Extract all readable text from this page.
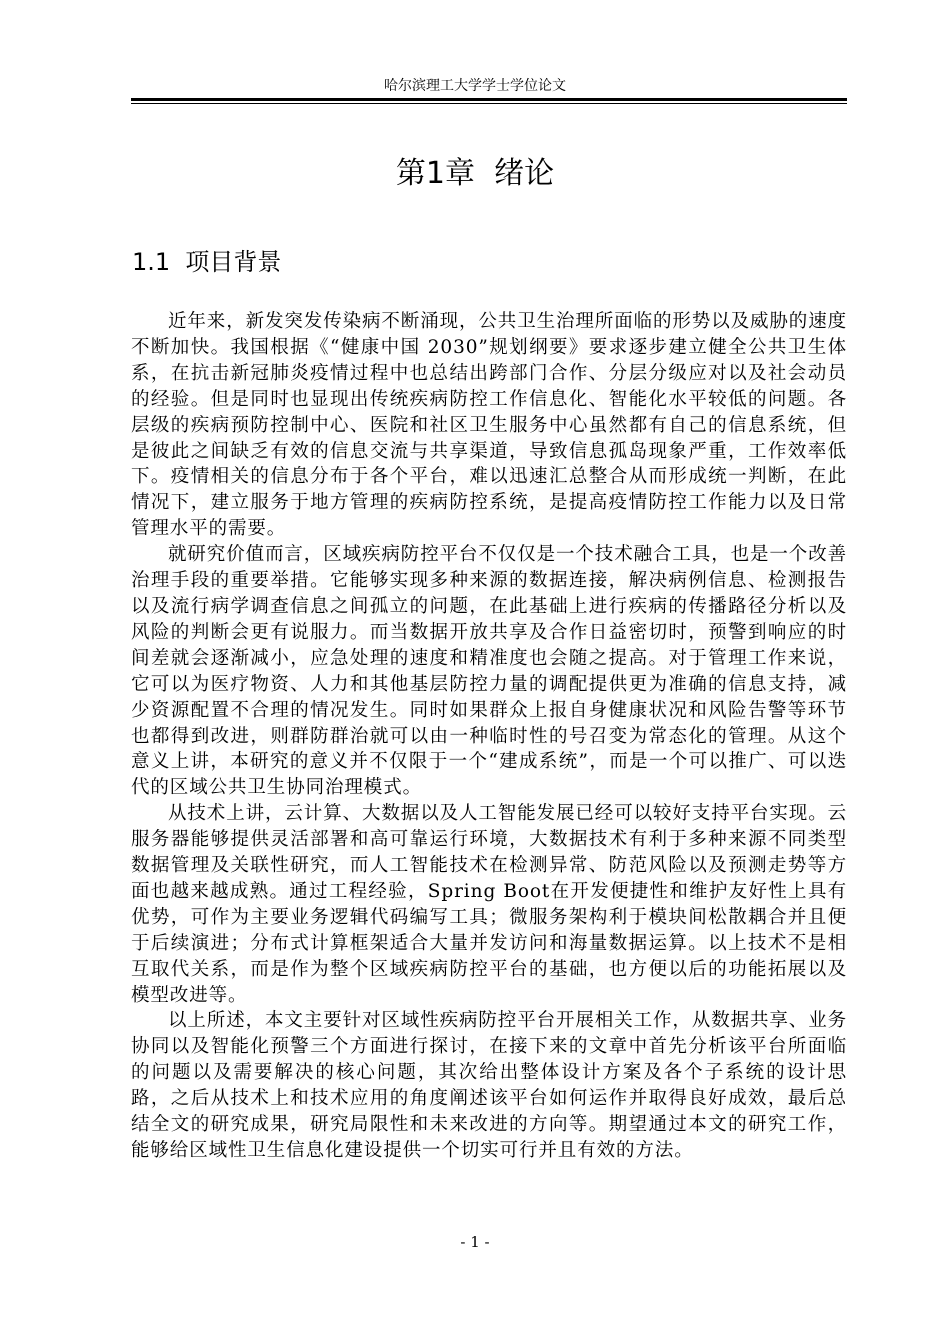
哈尔滨理工大学学士学位论文
第1章  绪论
1.1  项目背景

近年来，新发突发传染病不断涌现，公共卫生治理所面临的形势以及威胁的速度不断加快。我国根据《“健康中国 2030”规划纲要》要求逐步建立健全公共卫生体系，在抗击新冠肺炎疫情过程中也总结出跨部门合作、分层分级应对以及社会动员的经验。但是同时也显现出传统疾病防控工作信息化、智能化水平较低的问题。各层级的疾病预防控制中心、医院和社区卫生服务中心虽然都有自己的信息系统，但是彼此之间缺乏有效的信息交流与共享渠道，导致信息孤岛现象严重，工作效率低下。疫情相关的信息分布于各个平台，难以迅速汇总整合从而形成统一判断，在此情况下，建立服务于地方管理的疾病防控系统，是提高疫情防控工作能力以及日常管理水平的需要。

就研究价值而言，区域疾病防控平台不仅仅是一个技术融合工具，也是一个改善治理手段的重要举措。它能够实现多种来源的数据连接，解决病例信息、检测报告以及流行病学调查信息之间孤立的问题，在此基础上进行疾病的传播路径分析以及风险的判断会更有说服力。而当数据开放共享及合作日益密切时，预警到响应的时间差就会逐渐减小，应急处理的速度和精准度也会随之提高。对于管理工作来说，它可以为医疗物资、人力和其他基层防控力量的调配提供更为准确的信息支持，减少资源配置不合理的情况发生。同时如果群众上报自身健康状况和风险告警等环节也都得到改进，则群防群治就可以由一种临时性的号召变为常态化的管理。从这个意义上讲，本研究的意义并不仅限于一个“建成系统”，而是一个可以推广、可以迭代的区域公共卫生协同治理模式。

从技术上讲，云计算、大数据以及人工智能发展已经可以较好支持平台实现。云服务器能够提供灵活部署和高可靠运行环境，大数据技术有利于多种来源不同类型数据管理及关联性研究，而人工智能技术在检测异常、防范风险以及预测走势等方面也越来越成熟。通过工程经验，Spring Boot在开发便捷性和维护友好性上具有优势，可作为主要业务逻辑代码编写工具；微服务架构利于模块间松散耦合并且便于后续演进；分布式计算框架适合大量并发访问和海量数据运算。以上技术不是相互取代关系，而是作为整个区域疾病防控平台的基础，也方便以后的功能拓展以及模型改进等。

以上所述，本文主要针对区域性疾病防控平台开展相关工作，从数据共享、业务协同以及智能化预警三个方面进行探讨，在接下来的文章中首先分析该平台所面临的问题以及需要解决的核心问题，其次给出整体设计方案及各个子系统的设计思路，之后从技术上和技术应用的角度阐述该平台如何运作并取得良好成效，最后总结全文的研究成果，研究局限性和未来改进的方向等。期望通过本文的研究工作，能够给区域性卫生信息化建设提供一个切实可行并且有效的方法。

- 1 -
